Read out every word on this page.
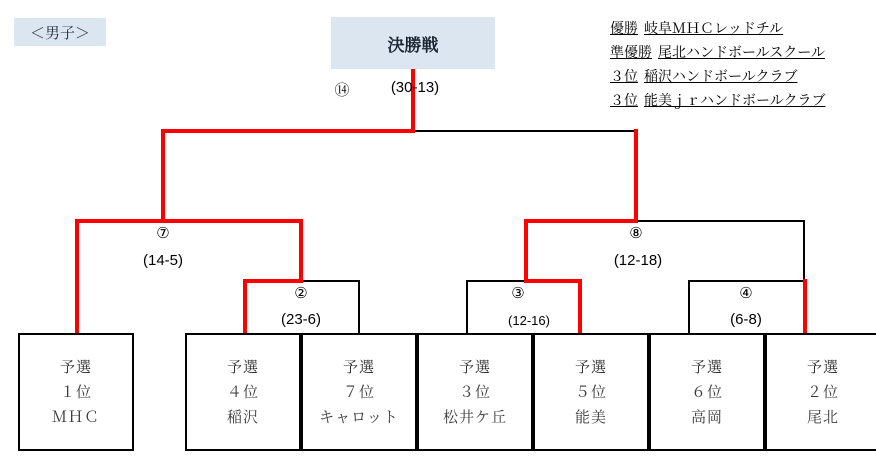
＜男子＞
決勝戦
優勝 岐阜ＭＨＣレッドチル
準優勝 尾北ハンドボールスクール
３位 稲沢ハンドボールクラブ
３位 能美ｊｒハンドボールクラブ
⑭	(30-13)
⑦
(14-5)
⑧
(12-18)
②
(23-6)
③
(12-16)
④
(6-8)
予選
１位
ＭＨＣ
予選
４位
稲沢
予選
７位
キャロット
予選
３位
松井ケ丘
予選
５位
能美
予選
６位
高岡
予選
２位
尾北
